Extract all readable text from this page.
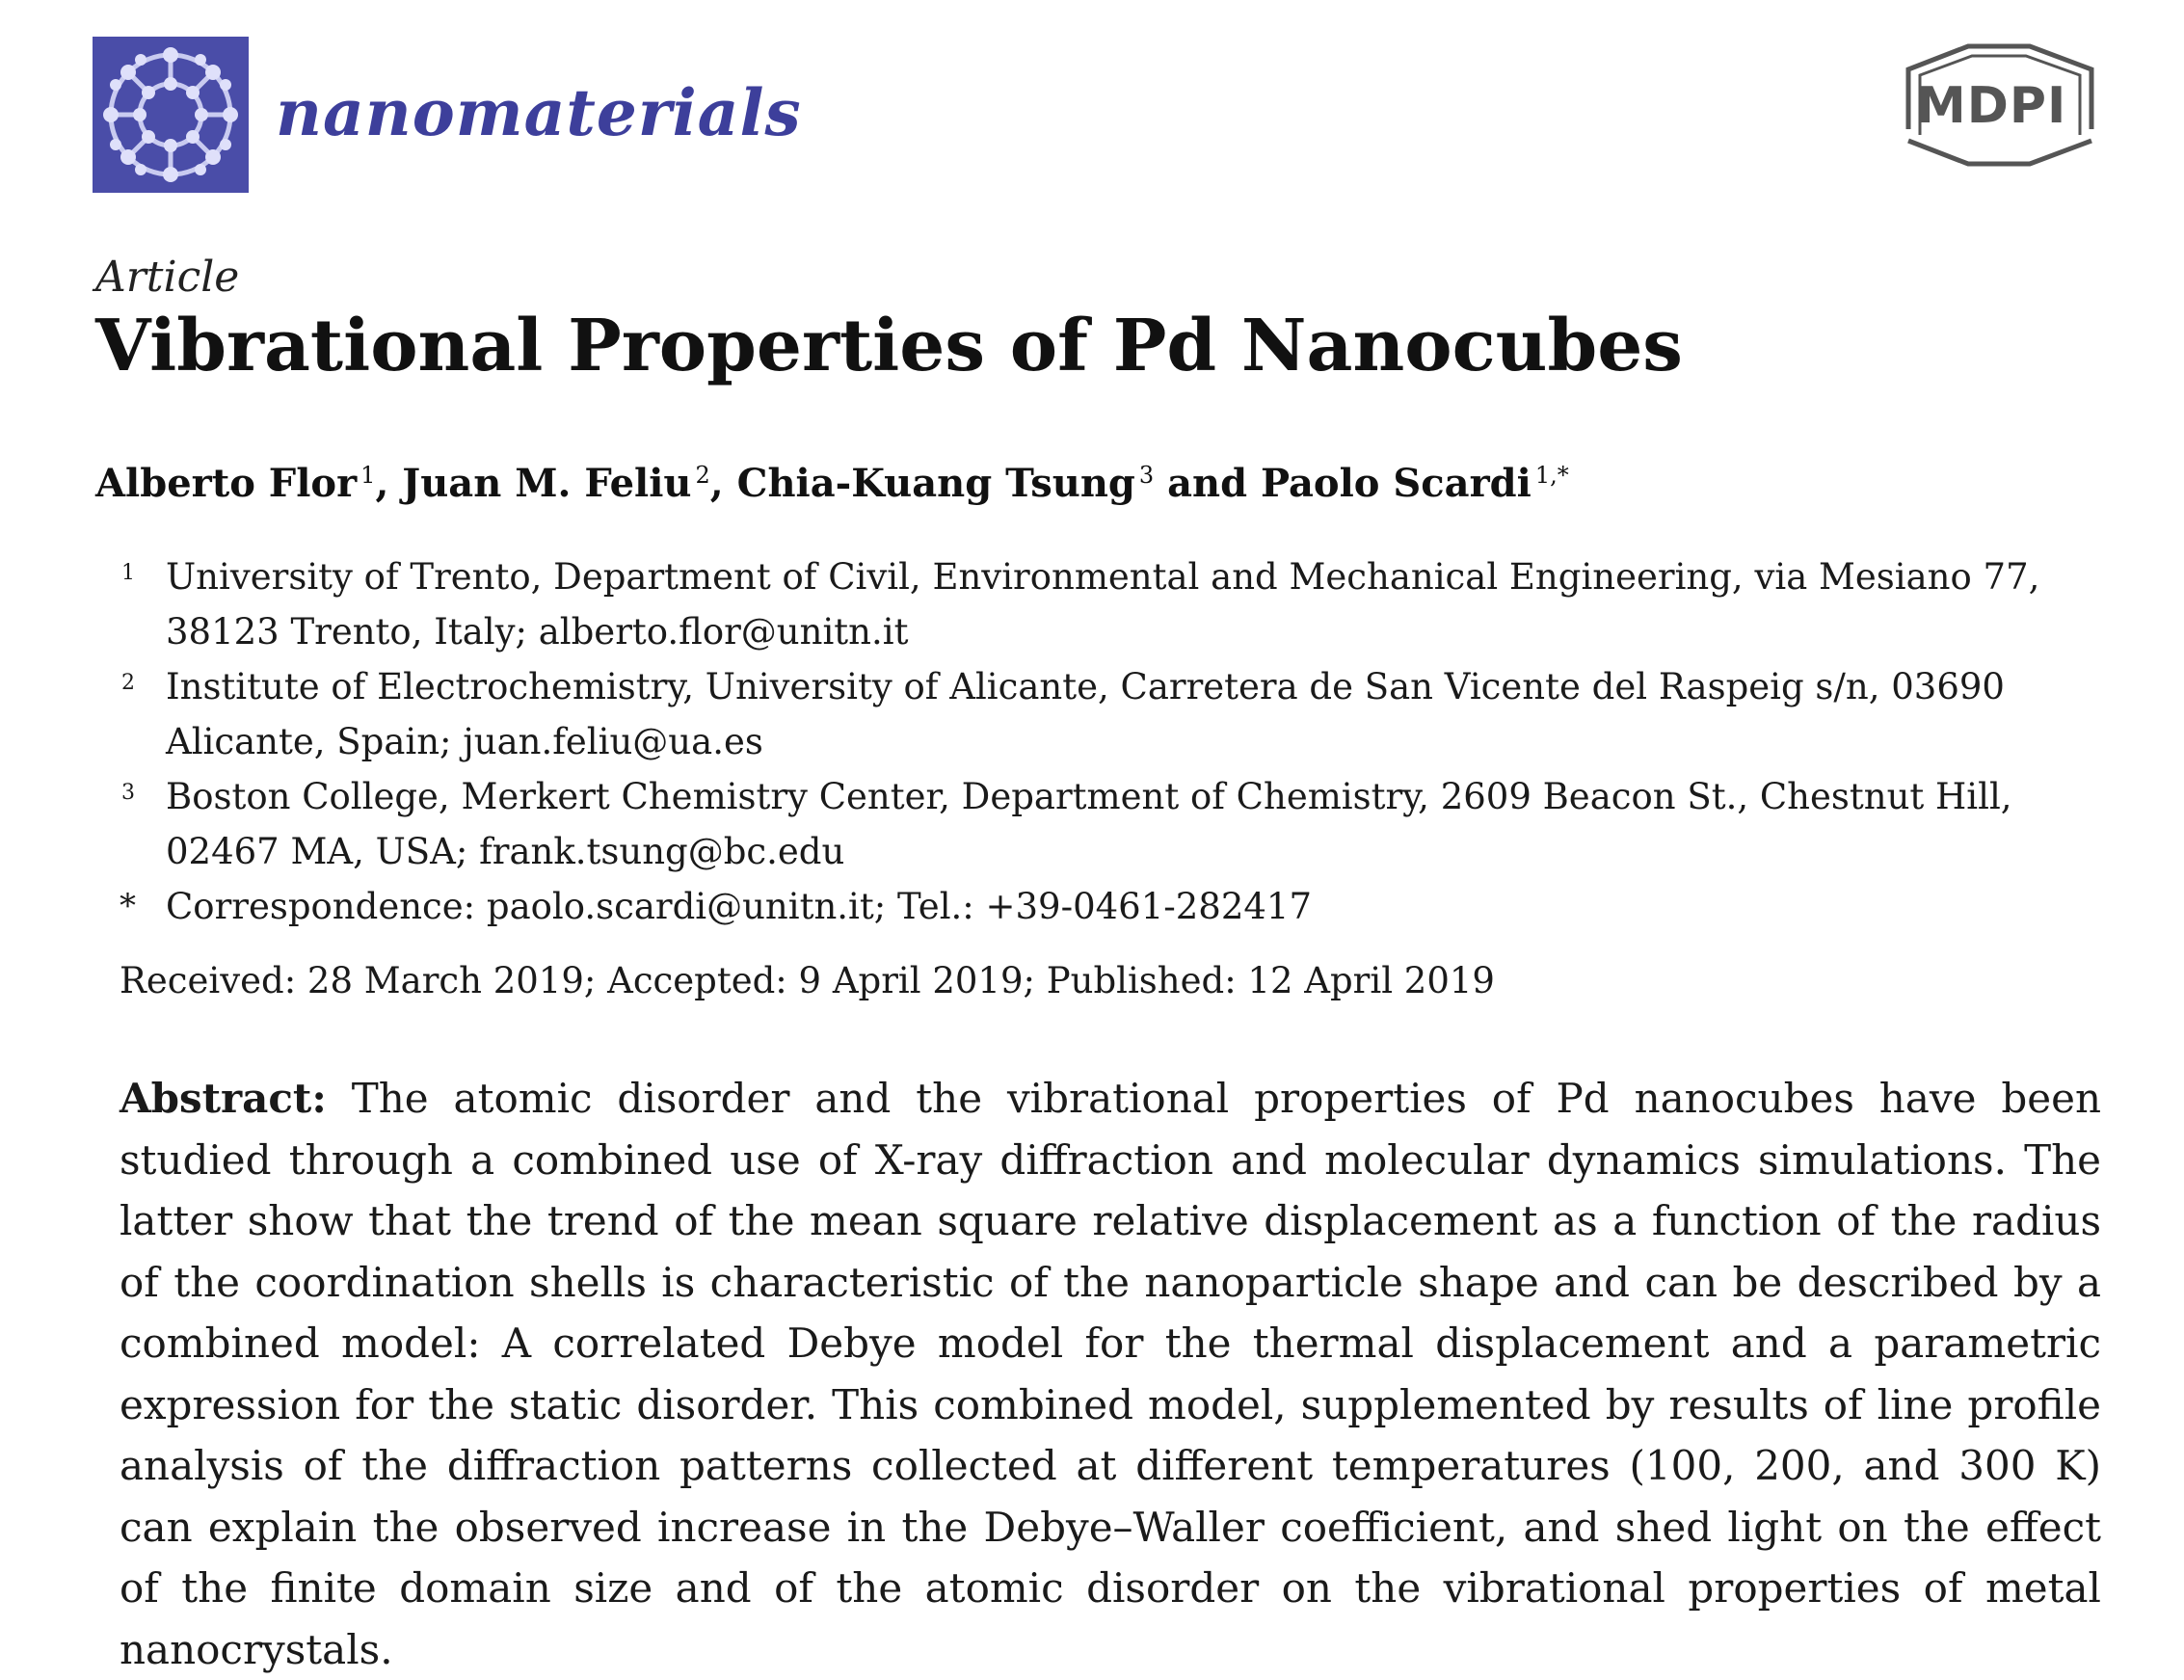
nanomaterials	MDPI
Article
Vibrational Properties of Pd Nanocubes
Alberto Flor $^1$, Juan M. Feliu $^2$, Chia-Kuang Tsung $^3$ and Paolo Scardi $^{1,*}$
1 University of Trento, Department of Civil, Environmental and Mechanical Engineering, via Mesiano 77, 38123 Trento, Italy; alberto.flor@unitn.it
2 Institute of Electrochemistry, University of Alicante, Carretera de San Vicente del Raspeig s/n, 03690 Alicante, Spain; juan.feliu@ua.es
3 Boston College, Merkert Chemistry Center, Department of Chemistry, 2609 Beacon St., Chestnut Hill, 02467 MA, USA; frank.tsung@bc.edu
* Correspondence: paolo.scardi@unitn.it; Tel.: +39-0461-282417
Received: 28 March 2019; Accepted: 9 April 2019; Published: 12 April 2019
Abstract: The atomic disorder and the vibrational properties of Pd nanocubes have been studied through a combined use of X-ray diffraction and molecular dynamics simulations. The latter show that the trend of the mean square relative displacement as a function of the radius of the coordination shells is characteristic of the nanoparticle shape and can be described by a combined model: A correlated Debye model for the thermal displacement and a parametric expression for the static disorder. This combined model, supplemented by results of line profile analysis of the diffraction patterns collected at different temperatures (100, 200, and 300 K) can explain the observed increase in the Debye–Waller coefficient, and shed light on the effect of the finite domain size and of the atomic disorder on the vibrational properties of metal nanocrystals.
